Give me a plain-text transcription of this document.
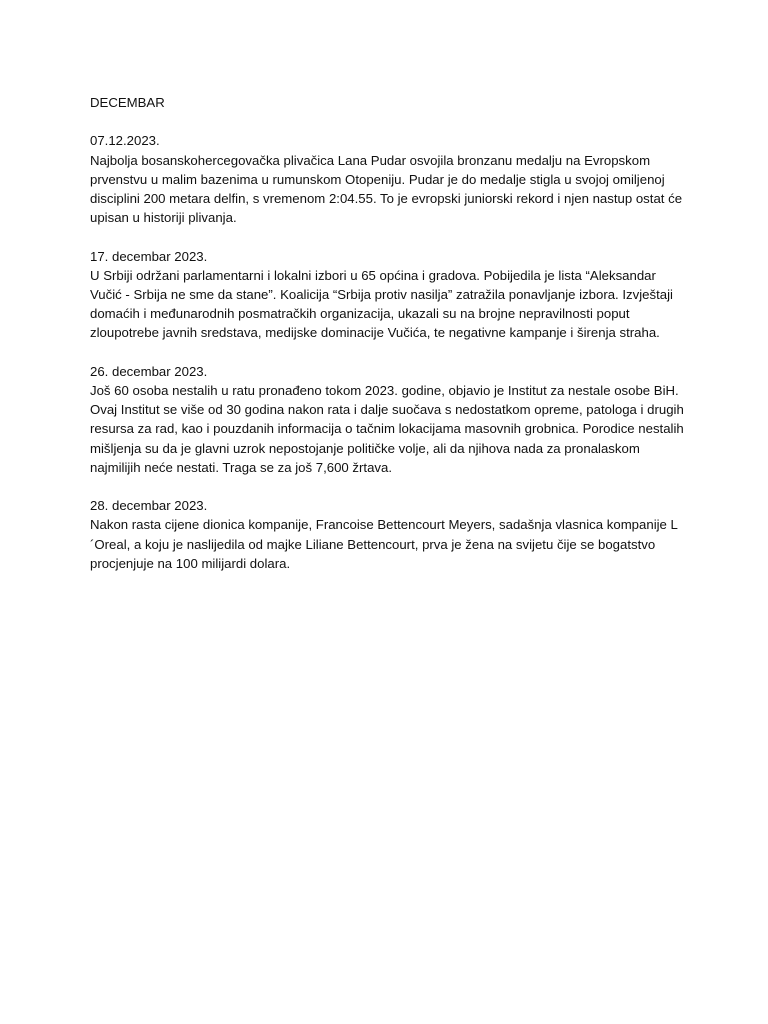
DECEMBAR

07.12.2023.

Najbolja bosanskohercegovačka plivačica Lana Pudar osvojila bronzanu medalju na Evropskom prvenstvu u malim bazenima u rumunskom Otopeniju. Pudar je do medalje stigla u svojoj omiljenoj disciplini 200 metara delfin, s vremenom 2:04.55. To je evropski juniorski rekord i njen nastup ostat će upisan u historiji plivanja.

17. decembar 2023.

U Srbiji održani parlamentarni i lokalni izbori u 65 općina i gradova. Pobijedila je lista “Aleksandar Vučić - Srbija ne sme da stane”. Koalicija “Srbija protiv nasilja” zatražila ponavljanje izbora. Izvještaji domaćih i međunarodnih posmatračkih organizacija, ukazali su na brojne nepravilnosti poput zloupotrebe javnih sredstava, medijske dominacije Vučića, te negativne kampanje i širenja straha.

26. decembar 2023.

Još 60 osoba nestalih u ratu pronađeno tokom 2023. godine, objavio je Institut za nestale osobe BiH. Ovaj Institut se više od 30 godina nakon rata i dalje suočava s nedostatkom opreme, patologa i drugih resursa za rad, kao i pouzdanih informacija o tačnim lokacijama masovnih grobnica. Porodice nestalih mišljenja su da je glavni uzrok nepostojanje političke volje, ali da njihova nada za pronalaskom najmilijih neće nestati. Traga se za još 7,600 žrtava.

28. decembar 2023.

Nakon rasta cijene dionica kompanije, Francoise Bettencourt Meyers, sadašnja vlasnica kompanije L´Oreal, a koju je naslijedila od majke Liliane Bettencourt, prva je žena na svijetu čije se bogatstvo procjenjuje na 100 milijardi dolara.
